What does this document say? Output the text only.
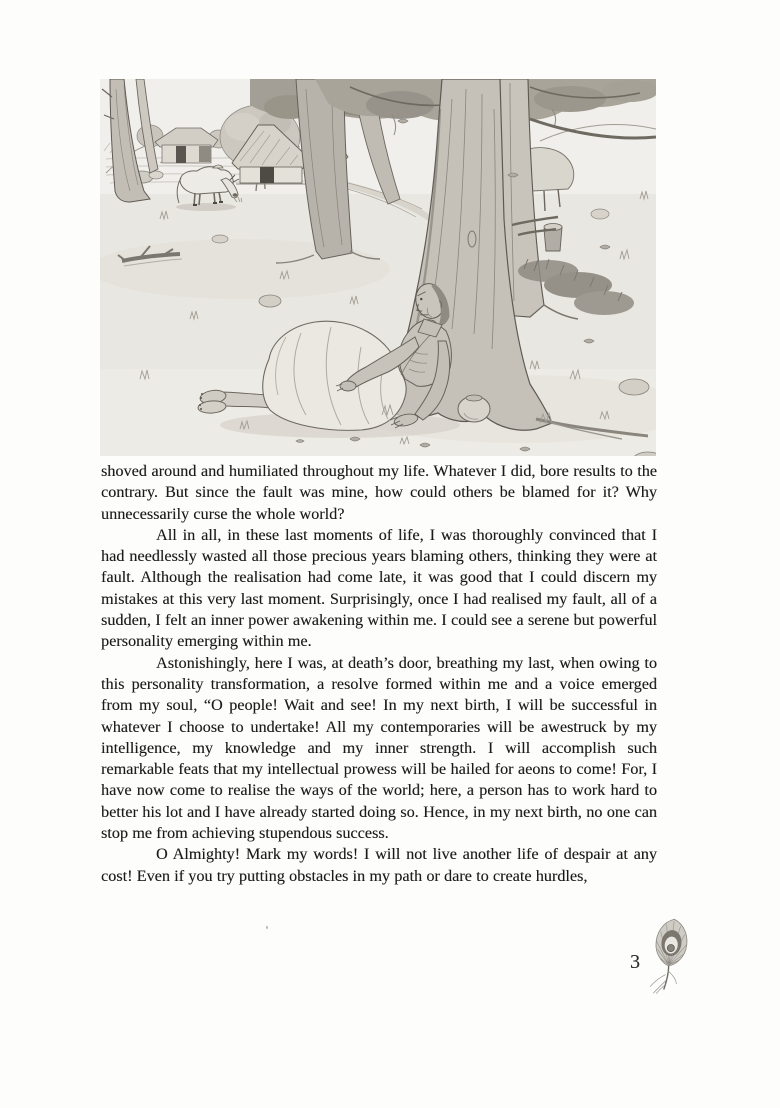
shoved around and humiliated throughout my life. Whatever I did, bore results to the contrary. But since the fault was mine, how could others be blamed for it? Why unnecessarily curse the whole world?

All in all, in these last moments of life, I was thoroughly convinced that I had needlessly wasted all those precious years blaming others, thinking they were at fault. Although the realisation had come late, it was good that I could discern my mistakes at this very last moment. Surprisingly, once I had realised my fault, all of a sudden, I felt an inner power awakening within me. I could see a serene but powerful personality emerging within me.

Astonishingly, here I was, at death’s door, breathing my last, when owing to this personality transformation, a resolve formed within me and a voice emerged from my soul, “O people! Wait and see! In my next birth, I will be successful in whatever I choose to undertake! All my contemporaries will be awestruck by my intelligence, my knowledge and my inner strength. I will accomplish such remarkable feats that my intellectual prowess will be hailed for aeons to come! For, I have now come to realise the ways of the world; here, a person has to work hard to better his lot and I have already started doing so. Hence, in my next birth, no one can stop me from achieving stupendous success.

O Almighty! Mark my words! I will not live another life of despair at any cost! Even if you try putting obstacles in my path or dare to create hurdles,

3
